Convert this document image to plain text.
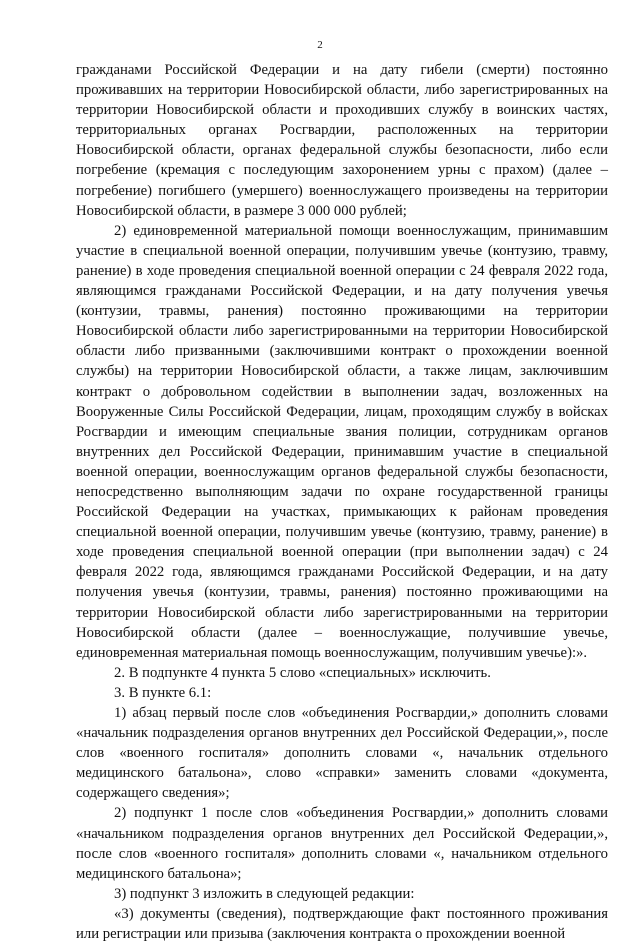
2

гражданами Российской Федерации и на дату гибели (смерти) постоянно проживавших на территории Новосибирской области, либо зарегистрированных на территории Новосибирской области и проходивших службу в воинских частях, территориальных органах Росгвардии, расположенных на территории Новосибирской области, органах федеральной службы безопасности, либо если погребение (кремация с последующим захоронением урны с прахом) (далее – погребение) погибшего (умершего) военнослужащего произведены на территории Новосибирской области, в размере 3 000 000 рублей;

2) единовременной материальной помощи военнослужащим, принимавшим участие в специальной военной операции, получившим увечье (контузию, травму, ранение) в ходе проведения специальной военной операции с 24 февраля 2022 года, являющимся гражданами Российской Федерации, и на дату получения увечья (контузии, травмы, ранения) постоянно проживающими на территории Новосибирской области либо зарегистрированными на территории Новосибирской области либо призванными (заключившими контракт о прохождении военной службы) на территории Новосибирской области, а также лицам, заключившим контракт о добровольном содействии в выполнении задач, возложенных на Вооруженные Силы Российской Федерации, лицам, проходящим службу в войсках Росгвардии и имеющим специальные звания полиции, сотрудникам органов внутренних дел Российской Федерации, принимавшим участие в специальной военной операции, военнослужащим органов федеральной службы безопасности, непосредственно выполняющим задачи по охране государственной границы Российской Федерации на участках, примыкающих к районам проведения специальной военной операции, получившим увечье (контузию, травму, ранение) в ходе проведения специальной военной операции (при выполнении задач) с 24 февраля 2022 года, являющимся гражданами Российской Федерации, и на дату получения увечья (контузии, травмы, ранения) постоянно проживающими на территории Новосибирской области либо зарегистрированными на территории Новосибирской области (далее – военнослужащие, получившие увечье, единовременная материальная помощь военнослужащим, получившим увечье):».

2. В подпункте 4 пункта 5 слово «специальных» исключить.

3. В пункте 6.1:

1) абзац первый после слов «объединения Росгвардии,» дополнить словами «начальник подразделения органов внутренних дел Российской Федерации,», после слов «военного госпиталя» дополнить словами «, начальник отдельного медицинского батальона», слово «справки» заменить словами «документа, содержащего сведения»;

2) подпункт 1 после слов «объединения Росгвардии,» дополнить словами «начальником подразделения органов внутренних дел Российской Федерации,», после слов «военного госпиталя» дополнить словами «, начальником отдельного медицинского батальона»;

3) подпункт 3 изложить в следующей редакции:

«3) документы (сведения), подтверждающие факт постоянного проживания или регистрации или призыва (заключения контракта о прохождении военной
